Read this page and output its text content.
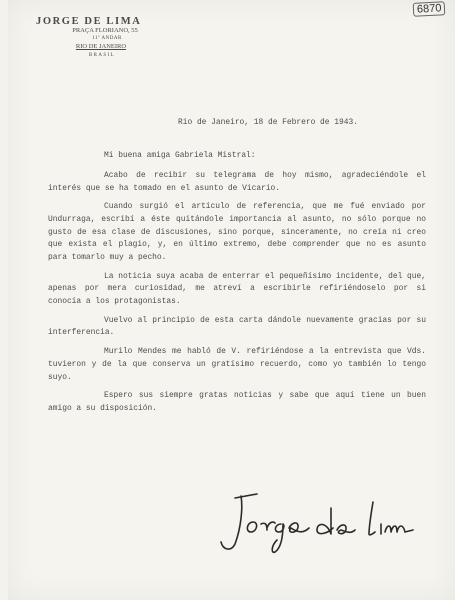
6870
JORGE DE LIMA
PRAÇA FLORIANO, 55
11º ANDAR
RIO DE JANEIRO
BRASIL
Rio de Janeiro, 18 de Febrero de 1943.
Mi buena amiga Gabriela Mistral:

Acabo de recibir su telegrama de hoy mismo, agradeciéndole el interés que se ha tomado en el asunto de Vicario.

Cuando surgió el artículo de referencia, que me fué enviado por Undurraga, escribí a éste quitándole importancia al asunto, no sólo porque no gusto de esa clase de discusiones, sino porque, sinceramente, no creía ni creo que exista el plagio, y, en último extremo, debe comprender que no es asunto para tomarlo muy a pecho.

La noticia suya acaba de enterrar el pequeñísimo incidente, del que, apenas por mera curiosidad, me atreví a escribirle refiriéndoselo por si conocía a los protagonistas.

Vuelvo al principio de esta carta dándole nuevamente gracias por su interferencia.

Murilo Mendes me habló de V. refiriéndose a la entrevista que Vds. tuvieron y de la que conserva un gratísimo recuerdo, como yo también lo tengo suyo.

Espero sus siempre gratas noticias y sabe que aquí tiene un buen amigo a su disposición.
